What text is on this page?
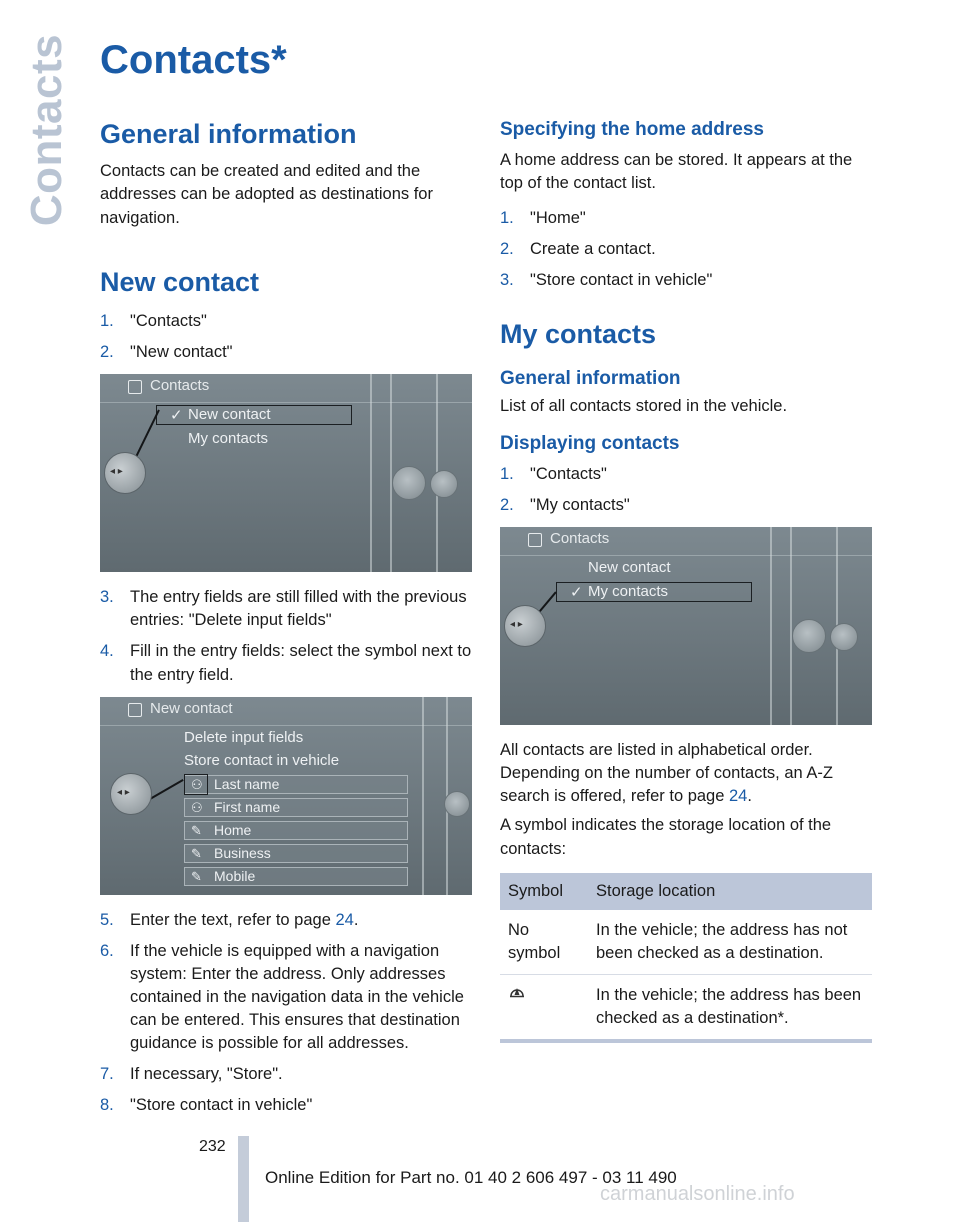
Contacts Contacts*
General information

Contacts can be created and edited and the addresses can be adopted as destinations for navigation.

New contact
1. "Contacts"
2. "New contact"
Contacts
✓ New contact
My contacts
◂ ▸
3. The entry fields are still filled with the previous entries: "Delete input fields"
4. Fill in the entry fields: select the symbol next to the entry field.
New contact
Delete input fields
Store contact in vehicle
⚇ Last name
⚇ First name
✎ Home
✎ Business
✎ Mobile
◂ ▸
5. Enter the text, refer to page 24.
6. If the vehicle is equipped with a navigation system: Enter the address. Only addresses contained in the navigation data in the vehicle can be entered. This ensures that destination guidance is possible for all addresses.
7. If necessary, "Store".
8. "Store contact in vehicle"
Specifying the home address

A home address can be stored. It appears at the top of the contact list.

1. "Home"
2. Create a contact.
3. "Store contact in vehicle"
My contacts
General information

List of all contacts stored in the vehicle.

Displaying contacts
1. "Contacts"
2. "My contacts"
Contacts
New contact
✓ My contacts
◂ ▸

All contacts are listed in alphabetical order. Depending on the number of contacts, an A-Z search is offered, refer to page 24.

A symbol indicates the storage location of the contacts:

Symbol	Storage location
No symbol	In the vehicle; the address has not been checked as a destination.
	In the vehicle; the address has been checked as a destination*.
232
Online Edition for Part no. 01 40 2 606 497 - 03 11 490
carmanualsonline.info
